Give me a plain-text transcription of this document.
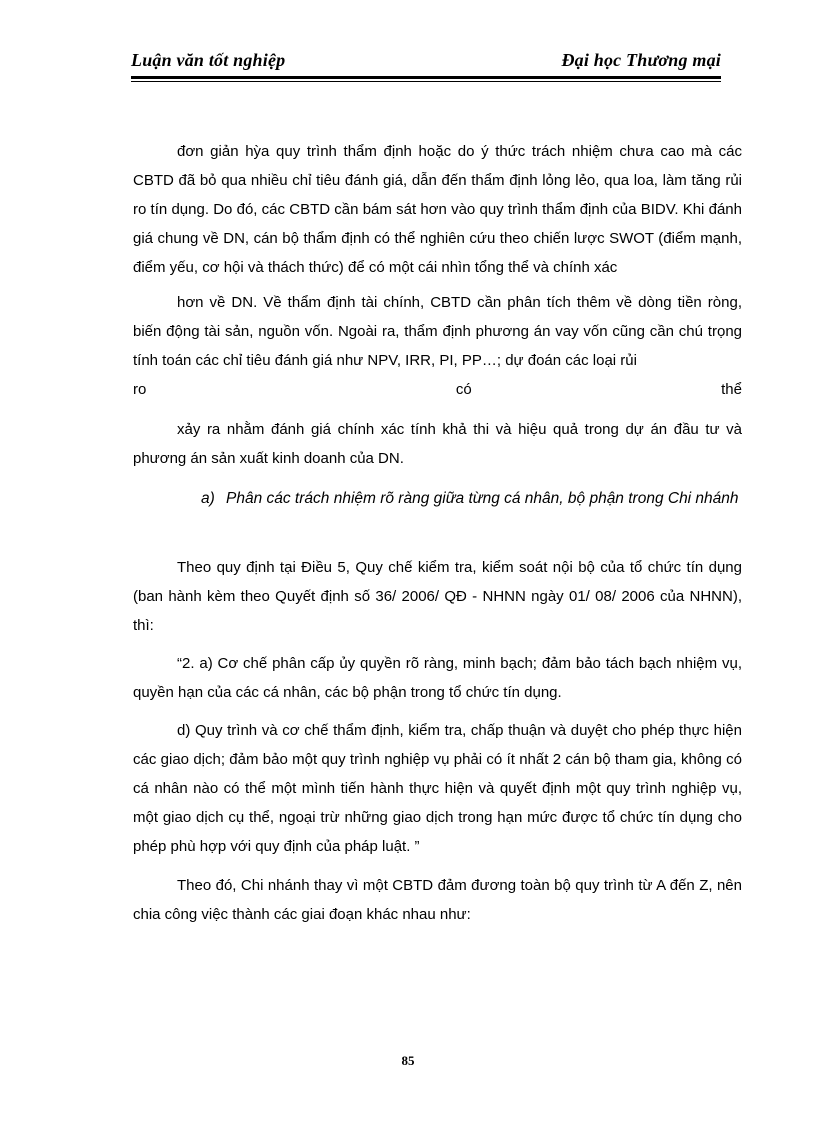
Luận văn tốt nghiệp	Đại học Thương mại

đơn giản hỳa quy trình thẩm định hoặc do ý thức trách nhiệm chưa cao mà các CBTD đã bỏ qua nhiều chỉ tiêu đánh giá, dẫn đến thẩm định lỏng lẻo, qua loa, làm tăng rủi ro tín dụng. Do đó, các CBTD cần bám sát hơn vào quy trình thẩm định của BIDV. Khi đánh giá chung về DN, cán bộ thẩm định có thể nghiên cứu theo chiến lược SWOT (điểm mạnh, điểm yếu, cơ hội và thách thức) để có một cái nhìn tổng thể và chính xác

hơn về DN. Về thẩm định tài chính, CBTD cần phân tích thêm về dòng tiền ròng, biến động tài sản, nguồn vốn. Ngoài ra, thẩm định phương án vay vốn cũng cần chú trọng tính toán các chỉ tiêu đánh giá như NPV, IRR, PI, PP…; dự đoán các loại rủi

ro	có	thể

xảy ra nhằm đánh giá chính xác tính khả thi và hiệu quả trong dự án đầu tư và phương án sản xuất kinh doanh của DN.

a) Phân các trách nhiệm rõ ràng giữa từng cá nhân, bộ phận trong Chi nhánh

Theo quy định tại Điều 5, Quy chế kiểm tra, kiểm soát nội bộ của tổ chức tín dụng (ban hành kèm theo Quyết định số 36/ 2006/ QĐ - NHNN ngày 01/ 08/ 2006 của NHNN), thì:

“2. a) Cơ chế phân cấp ủy quyền rõ ràng, minh bạch; đảm bảo tách bạch nhiệm vụ, quyền hạn của các cá nhân, các bộ phận trong tổ chức tín dụng.

d) Quy trình và cơ chế thẩm định, kiểm tra, chấp thuận và duyệt cho phép thực hiện các giao dịch; đảm bảo một quy trình nghiệp vụ phải có ít nhất 2 cán bộ tham gia, không có cá nhân nào có thể một mình tiến hành thực hiện và quyết định một quy trình nghiệp vụ, một giao dịch cụ thể, ngoại trừ những giao dịch trong hạn mức được tổ chức tín dụng cho phép phù hợp với quy định của pháp luật. ”

Theo đó, Chi nhánh thay vì một CBTD đảm đương toàn bộ quy trình từ A đến Z, nên chia công việc thành các giai đoạn khác nhau như:

85
